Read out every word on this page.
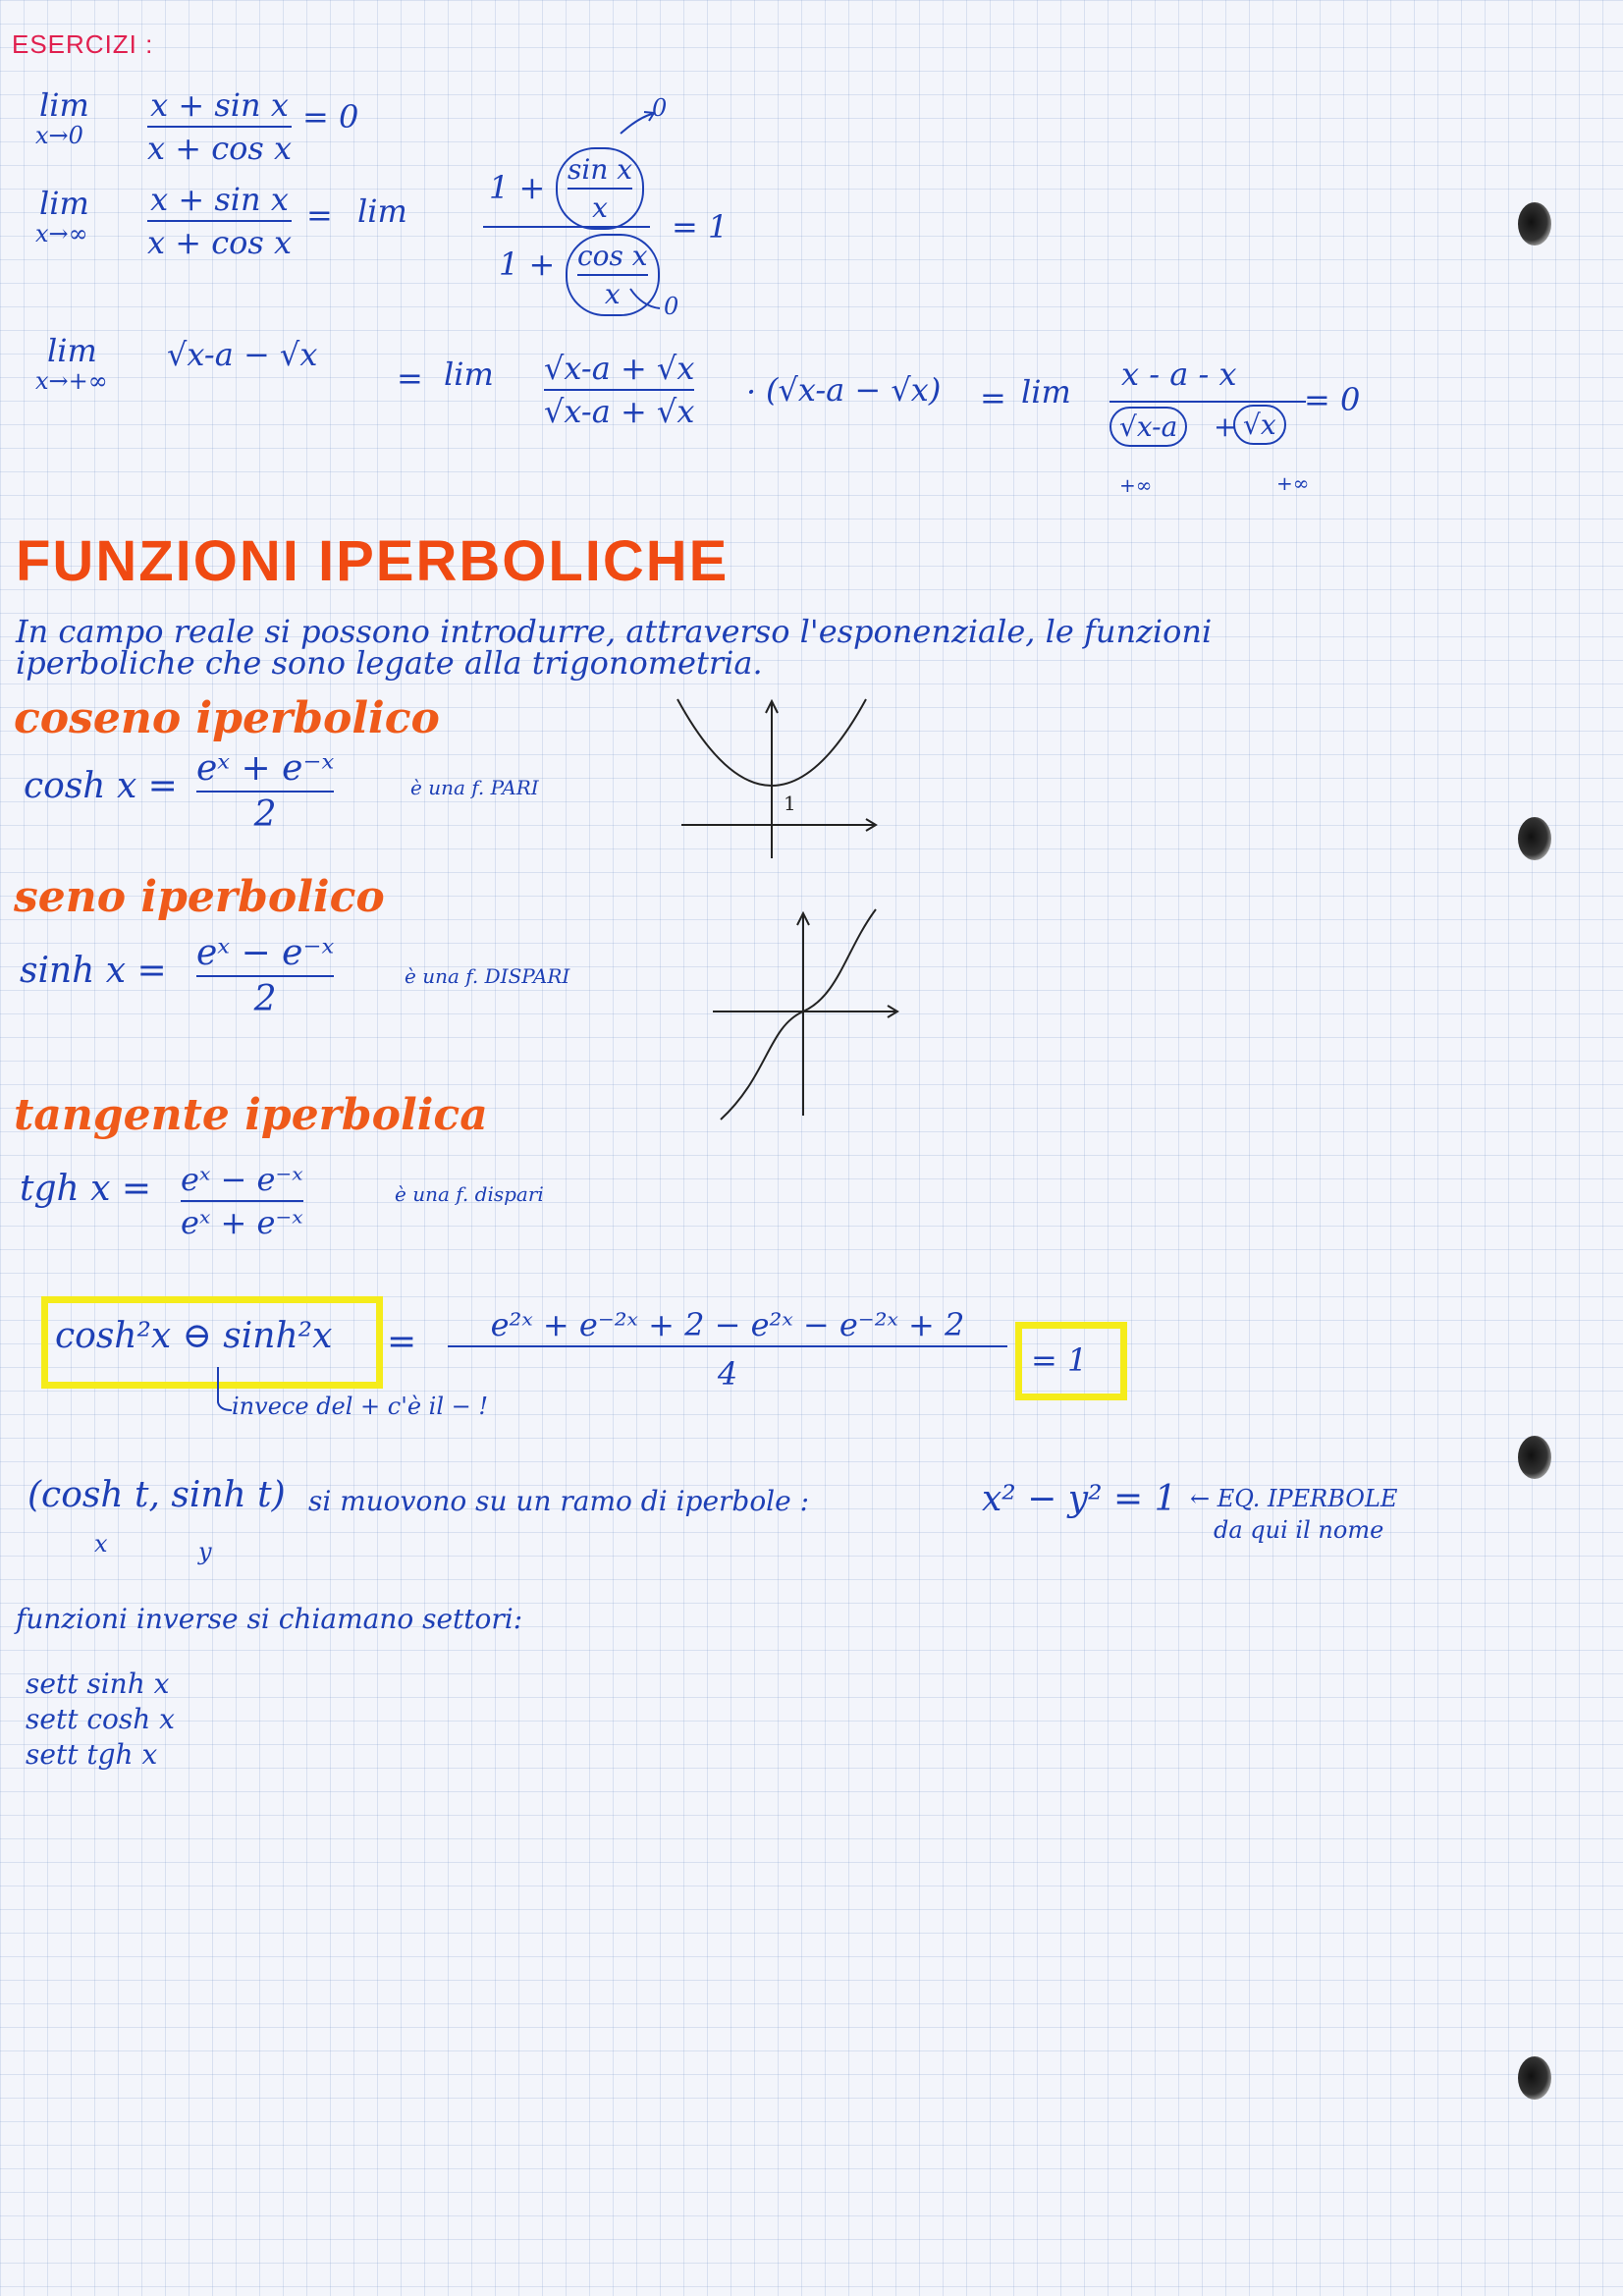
ESERCIZI :
lim
x→0
x + sin x
x + cos x
= 0	0
lim
x→∞
x + sin x
x + cos x
= lim
1 + sin x
x
1 + cos x
x
= 1
0
lim
x→+∞
√x-a − √x
= lim √x-a + √x
√x-a + √x
· (√x-a − √x) = lim x - a - x
√x-a	+ √x
= 0
+∞	+∞
FUNZIONI IPERBOLICHE
In campo reale si possono introdurre, attraverso l'esponenziale, le funzioni
iperboliche che sono legate alla trigonometria.
coseno iperbolico
cosh x = eˣ + e⁻ˣ
2
è una f. PARI
1
seno iperbolico
sinh x = eˣ − e⁻ˣ
2
è una f. DISPARI
tangente iperbolica
tgh x = eˣ − e⁻ˣ
eˣ + e⁻ˣ
è una f. dispari
cosh²x ⊖ sinh²x = e²ˣ + e⁻²ˣ + 2 − e²ˣ − e⁻²ˣ + 2
4	= 1
invece del + c'è il − !
(cosh t, sinh t)
x	y
si muovono su un ramo di iperbole :	x² − y² = 1 ← EQ. IPERBOLE
da qui il nome
funzioni inverse si chiamano settori:
sett sinh x
sett cosh x
sett tgh x
